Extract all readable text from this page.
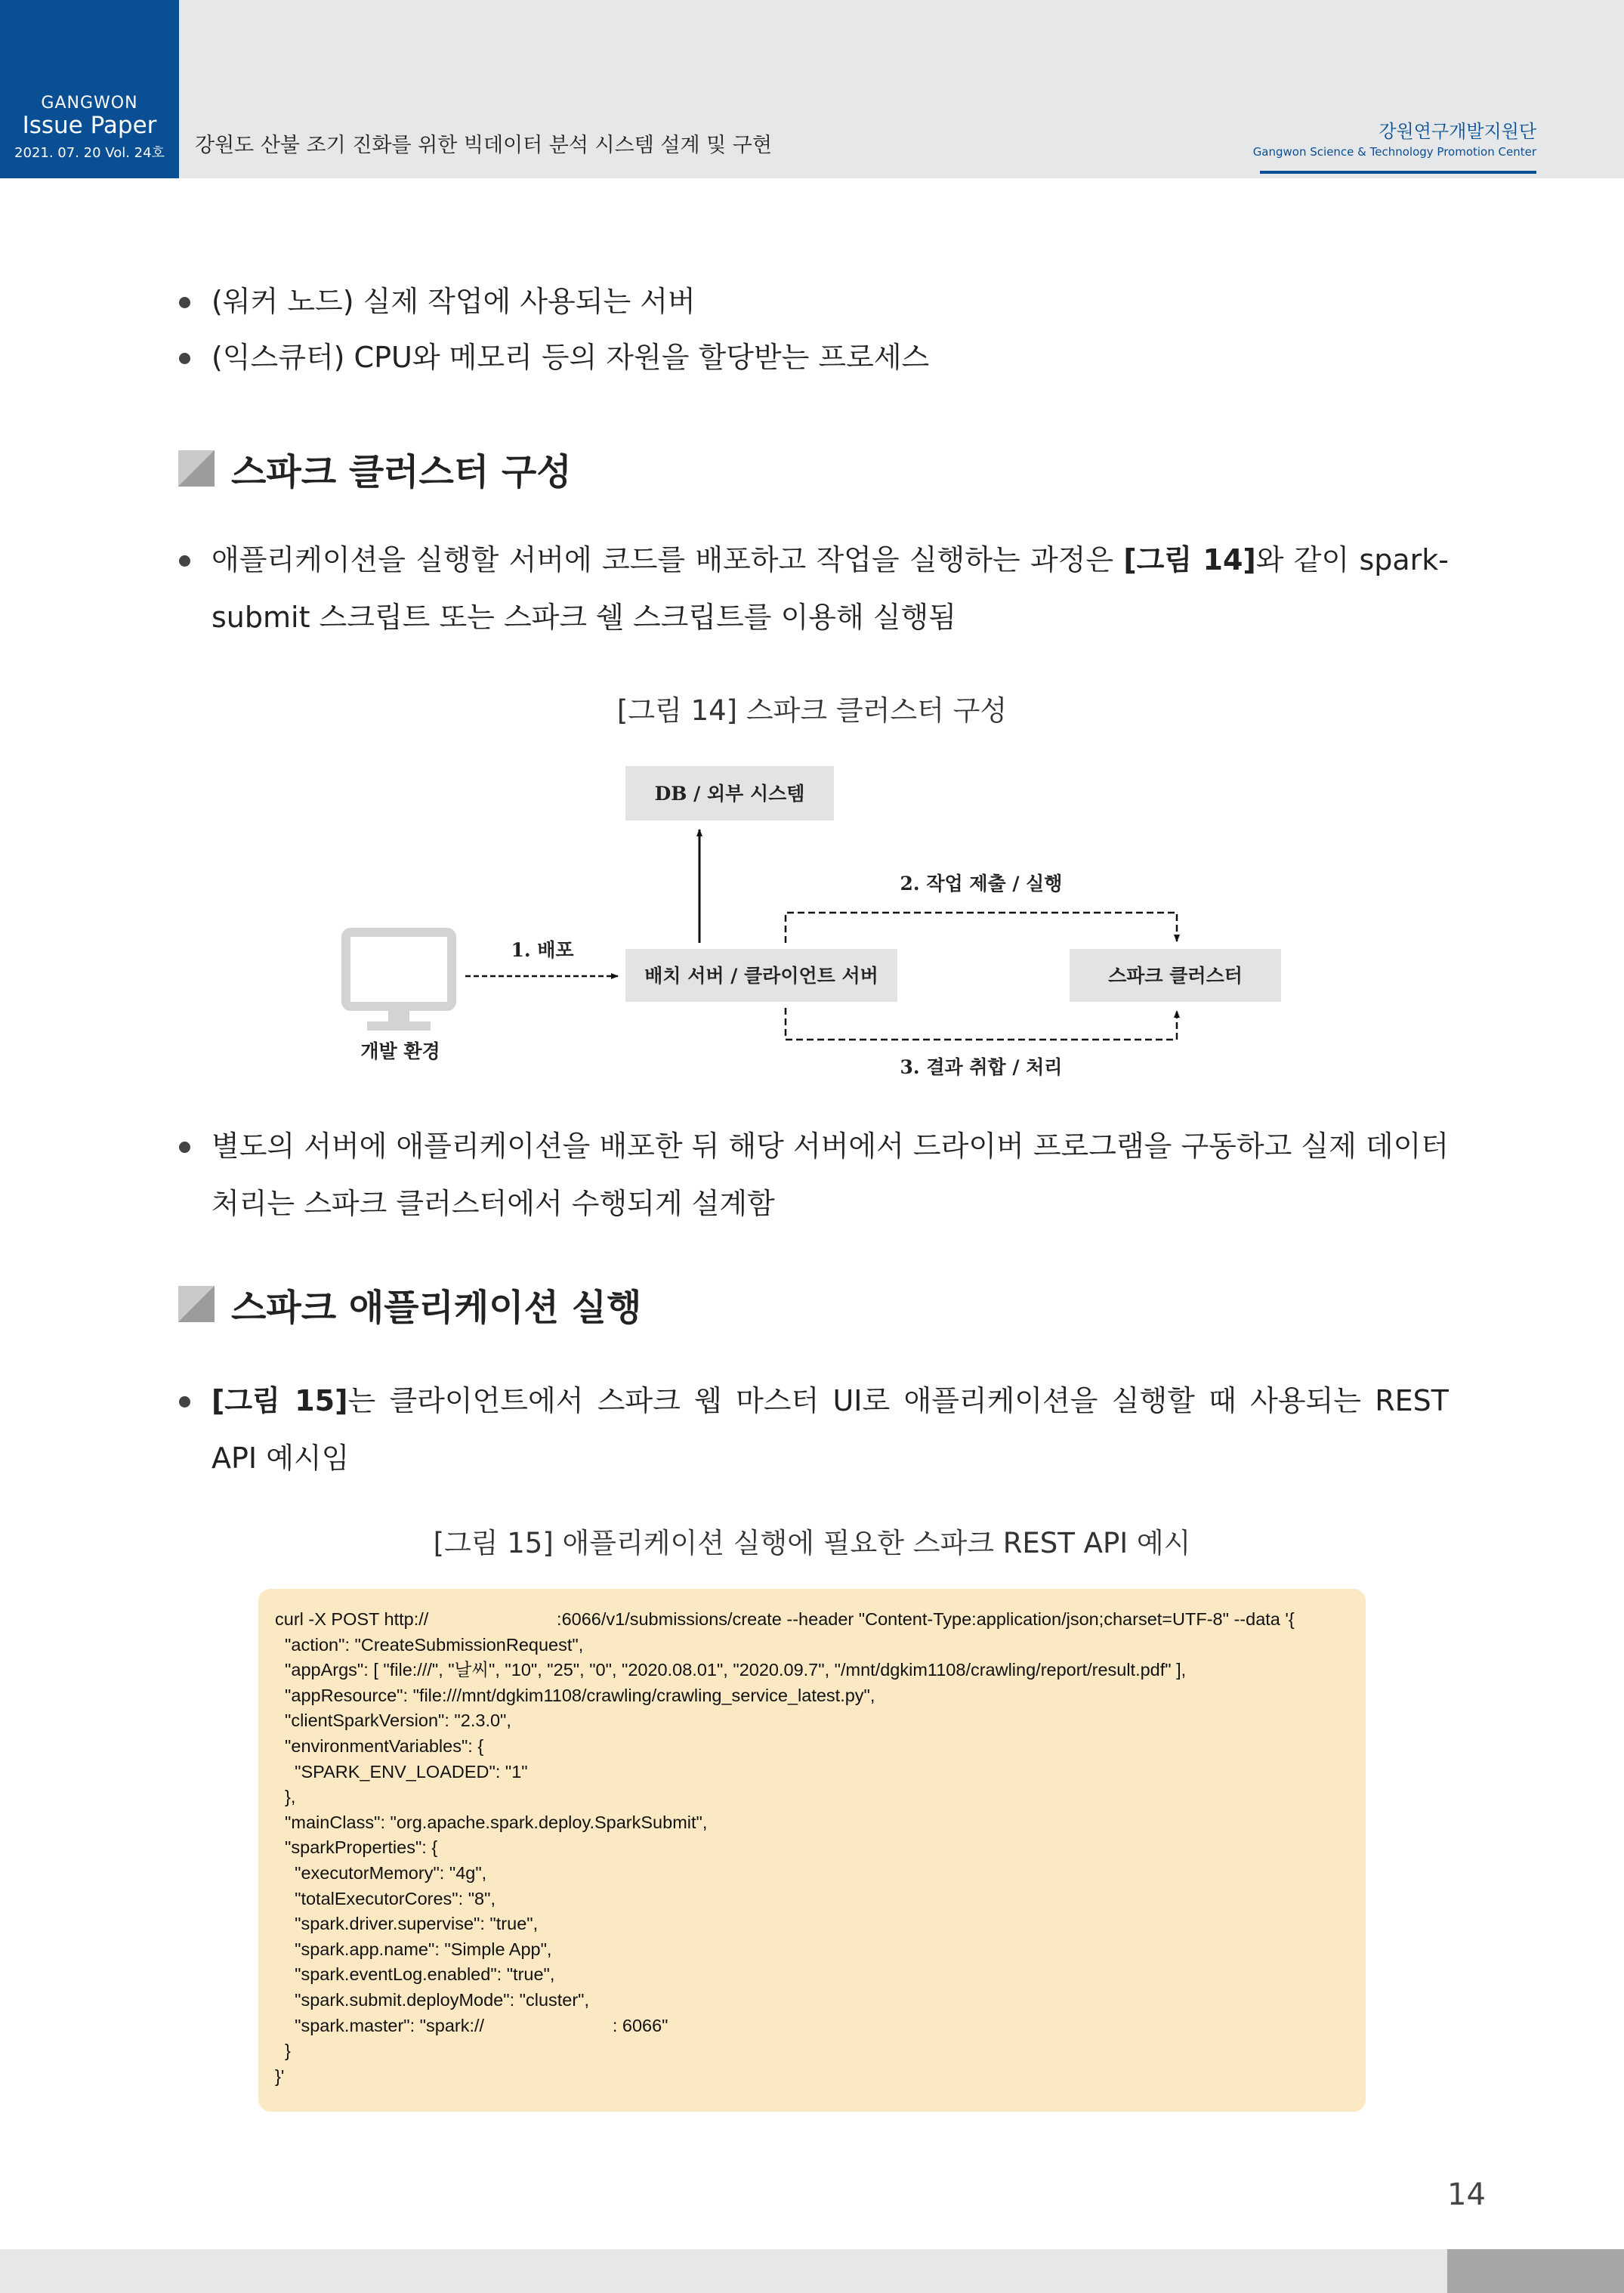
GANGWON
Issue Paper
2021. 07. 20 Vol. 24호	강원도 산불 조기 진화를 위한 빅데이터 분석 시스템 설계 및 구현
강원연구개발지원단
Gangwon Science & Technology Promotion Center
(워커 노드) 실제 작업에 사용되는 서버
(익스큐터) CPU와 메모리 등의 자원을 할당받는 프로세스
스파크 클러스터 구성
애플리케이션을 실행할 서버에 코드를 배포하고 작업을 실행하는 과정은 [그림 14]와 같이 spark-submit 스크립트 또는 스파크 쉘 스크립트를 이용해 실행됨
[그림 14] 스파크 클러스터 구성
DB / 외부 시스템
배치 서버 / 클라이언트 서버	스파크 클러스터
2. 작업 제출 / 실행
3. 결과 취합 / 처리
1. 배포
개발 환경
별도의 서버에 애플리케이션을 배포한 뒤 해당 서버에서 드라이버 프로그램을 구동하고 실제 데이터 처리는 스파크 클러스터에서 수행되게 설계함
스파크 애플리케이션 실행
[그림 15]는 클라이언트에서 스파크 웹 마스터 UI로 애플리케이션을 실행할 때 사용되는 REST API 예시임
[그림 15] 애플리케이션 실행에 필요한 스파크 REST API 예시
curl -X POST http://                          :6066/v1/submissions/create --header "Content-Type:application/json;charset=UTF-8" --data '{
"action": "CreateSubmissionRequest",
"appArgs": [ "file:///", "날씨", "10", "25", "0", "2020.08.01", "2020.09.7", "/mnt/dgkim1108/crawling/report/result.pdf" ],
"appResource": "file:///mnt/dgkim1108/crawling/crawling_service_latest.py",
"clientSparkVersion": "2.3.0",
"environmentVariables": {
"SPARK_ENV_LOADED": "1"
},
"mainClass": "org.apache.spark.deploy.SparkSubmit",
"sparkProperties": {
"executorMemory": "4g",
"totalExecutorCores": "8",
"spark.driver.supervise": "true",
"spark.app.name": "Simple App",
"spark.eventLog.enabled": "true",
"spark.submit.deployMode": "cluster",
"spark.master": "spark://                          : 6066"
}
}'

14
